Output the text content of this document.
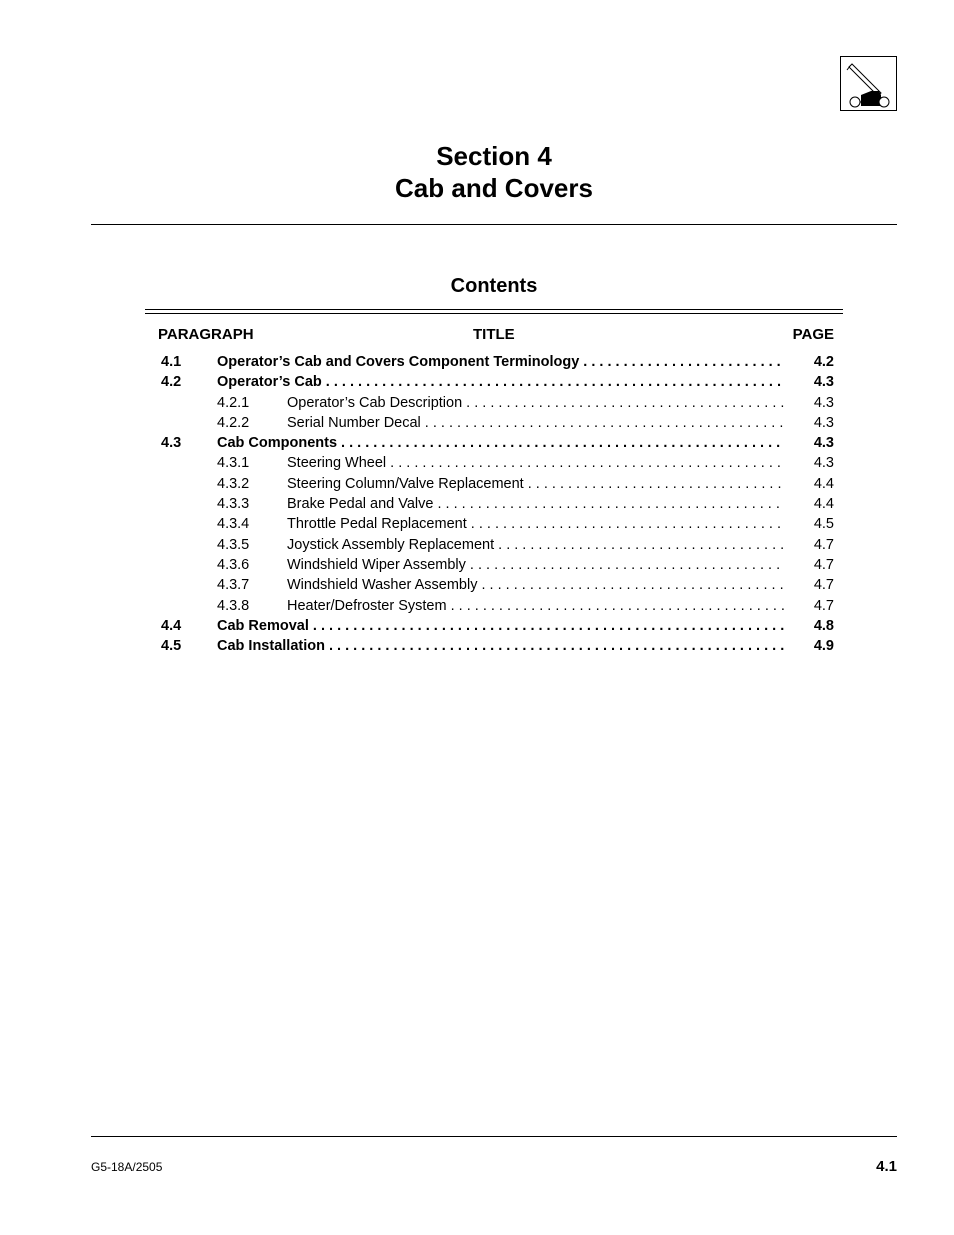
Section 4
Cab and Covers
Contents
PARAGRAPH	TITLE	PAGE
4.1 Operator’s Cab and Covers Component Terminology . . .	4.2
4.2 Operator’s Cab . . .	4.3
4.2.1	Operator’s Cab Description . . .	4.3
4.2.2	Serial Number Decal . . .	4.3
4.3 Cab Components . . .	4.3
4.3.1	Steering Wheel . . .	4.3
4.3.2	Steering Column/Valve Replacement . . .	4.4
4.3.3	Brake Pedal and Valve . . .	4.4
4.3.4	Throttle Pedal Replacement . . .	4.5
4.3.5	Joystick Assembly Replacement . . .	4.7
4.3.6	Windshield Wiper Assembly . . .	4.7
4.3.7	Windshield Washer Assembly . . .	4.7
4.3.8	Heater/Defroster System . . .	4.7
4.4 Cab Removal . . .	4.8
4.5 Cab Installation . . .	4.9
G5-18A/2505	4.1
